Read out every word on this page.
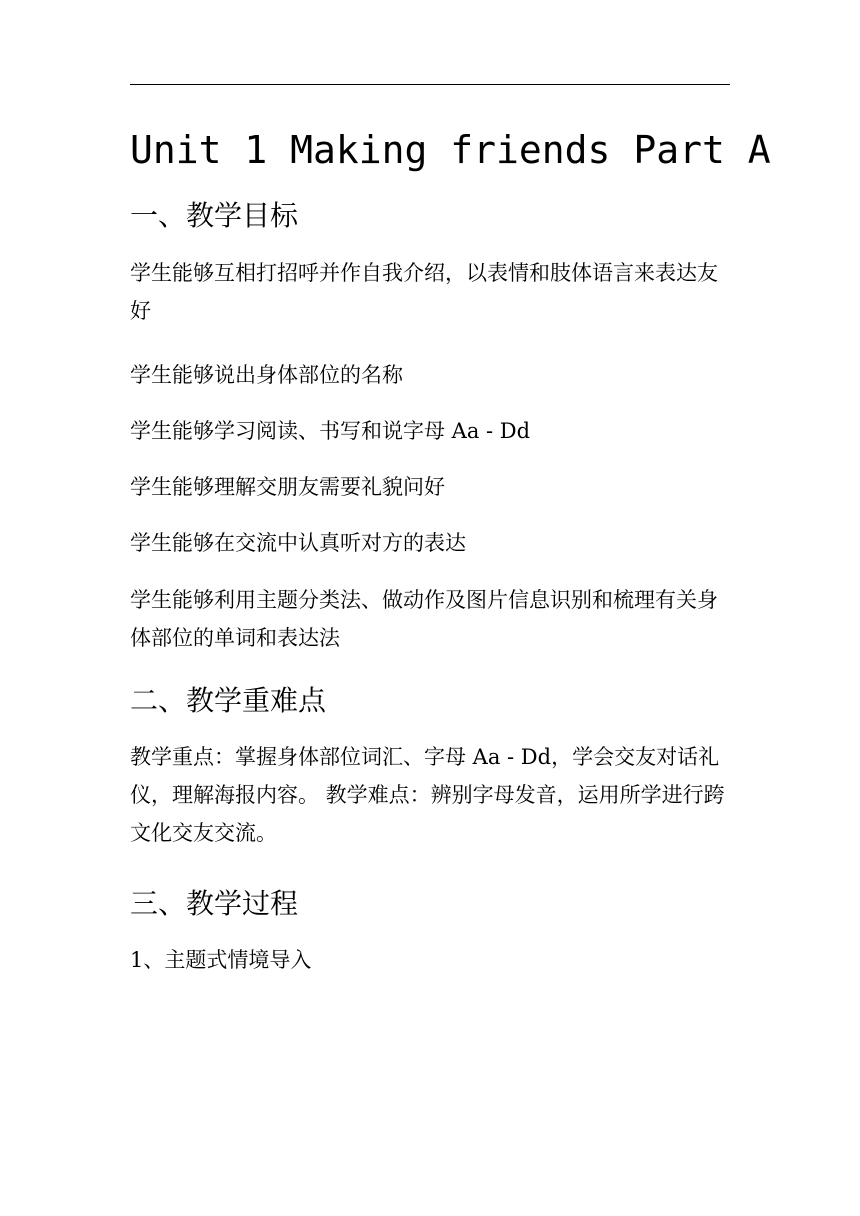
Unit 1 Making friends Part A
一、教学目标

学生能够互相打招呼并作自我介绍，以表情和肢体语言来表达友好

学生能够说出身体部位的名称

学生能够学习阅读、书写和说字母 Aa - Dd

学生能够理解交朋友需要礼貌问好

学生能够在交流中认真听对方的表达

学生能够利用主题分类法、做动作及图片信息识别和梳理有关身体部位的单词和表达法

二、教学重难点

教学重点：掌握身体部位词汇、字母 Aa - Dd，学会交友对话礼仪，理解海报内容。 教学难点：辨别字母发音，运用所学进行跨文化交友交流。

三、教学过程

1、主题式情境导入
